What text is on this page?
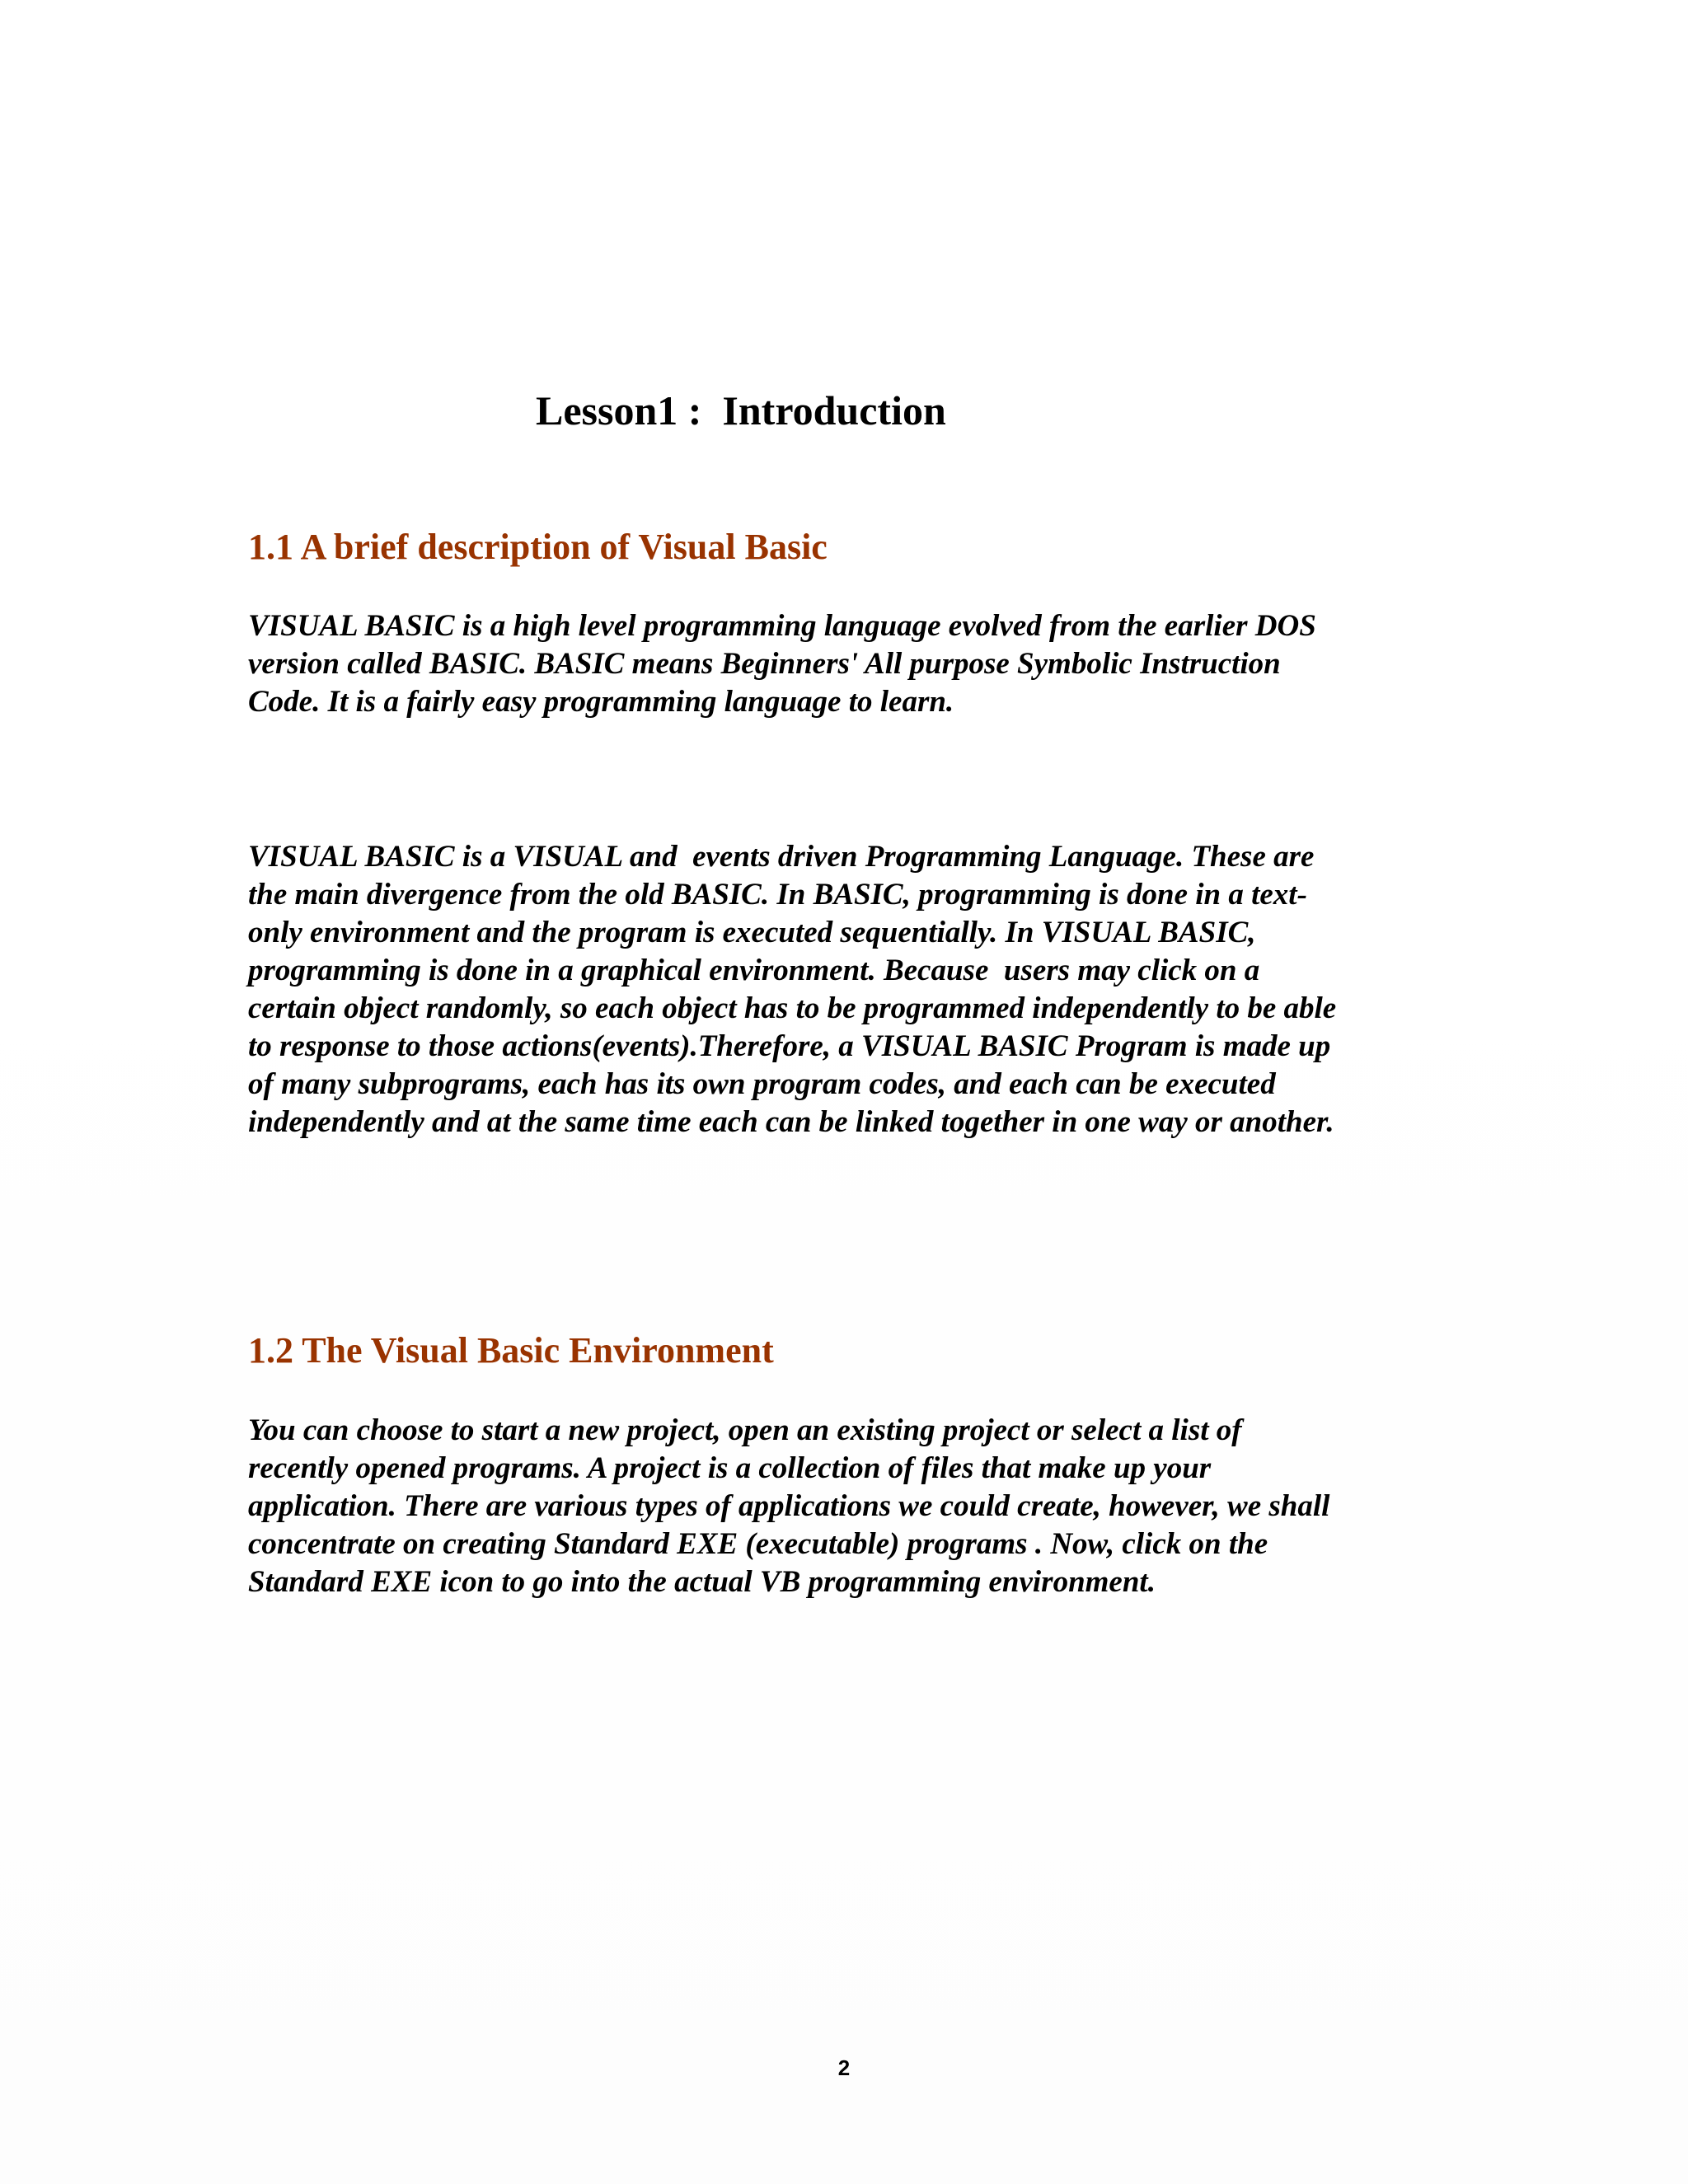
Lesson1 :  Introduction
1.1 A brief description of Visual Basic

VISUAL BASIC is a high level programming language evolved from the earlier DOS
version called BASIC. BASIC means Beginners' All purpose Symbolic Instruction
Code. It is a fairly easy programming language to learn.

VISUAL BASIC is a VISUAL and  events driven Programming Language. These are
the main divergence from the old BASIC. In BASIC, programming is done in a text-
only environment and the program is executed sequentially. In VISUAL BASIC,
programming is done in a graphical environment. Because  users may click on a
certain object randomly, so each object has to be programmed independently to be able
to response to those actions(events).Therefore, a VISUAL BASIC Program is made up
of many subprograms, each has its own program codes, and each can be executed
independently and at the same time each can be linked together in one way or another.

1.2 The Visual Basic Environment

You can choose to start a new project, open an existing project or select a list of
recently opened programs. A project is a collection of files that make up your
application. There are various types of applications we could create, however, we shall
concentrate on creating Standard EXE (executable) programs . Now, click on the
Standard EXE icon to go into the actual VB programming environment.

2
